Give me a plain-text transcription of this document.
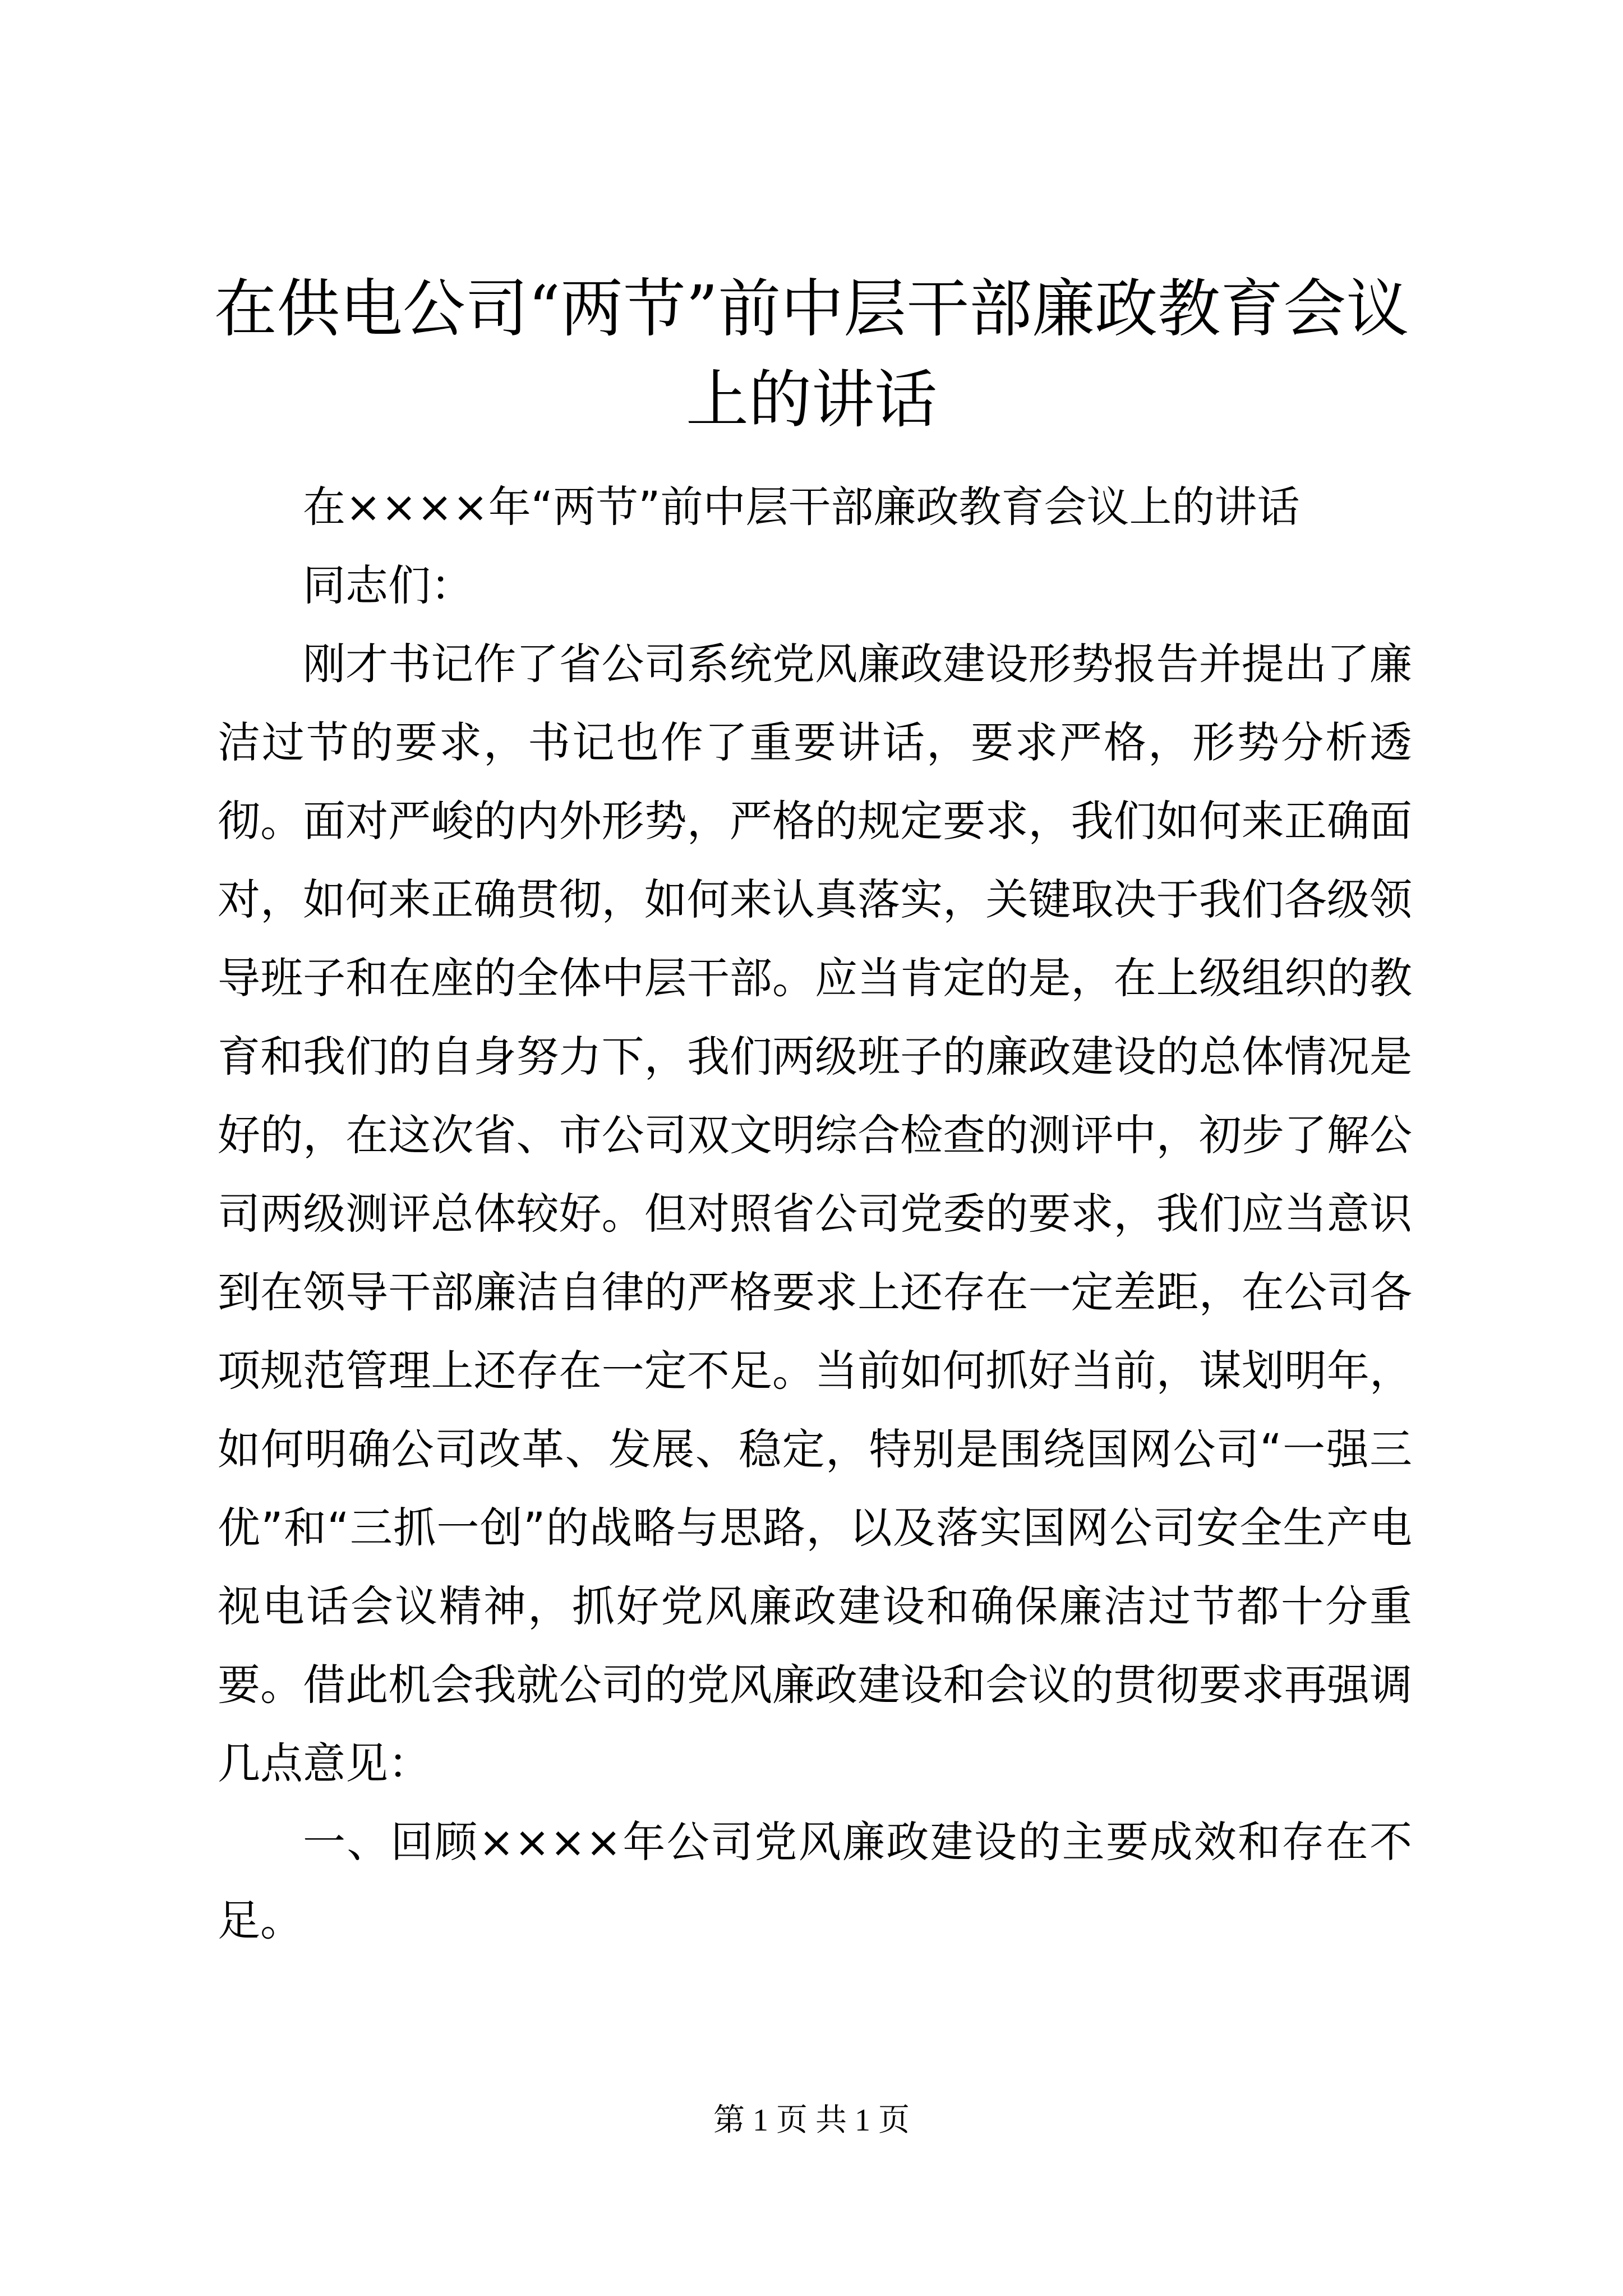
在供电公司“两节”前中层干部廉政教育会议上的讲话

在××××年“两节”前中层干部廉政教育会议上的讲话

同志们：

刚才书记作了省公司系统党风廉政建设形势报告并提出了廉洁过节的要求，书记也作了重要讲话，要求严格，形势分析透彻。面对严峻的内外形势，严格的规定要求，我们如何来正确面对，如何来正确贯彻，如何来认真落实，关键取决于我们各级领导班子和在座的全体中层干部。应当肯定的是，在上级组织的教育和我们的自身努力下，我们两级班子的廉政建设的总体情况是好的，在这次省、市公司双文明综合检查的测评中，初步了解公司两级测评总体较好。但对照省公司党委的要求，我们应当意识到在领导干部廉洁自律的严格要求上还存在一定差距，在公司各项规范管理上还存在一定不足。当前如何抓好当前，谋划明年，如何明确公司改革、发展、稳定，特别是围绕国网公司“一强三优”和“三抓一创”的战略与思路，以及落实国网公司安全生产电视电话会议精神，抓好党风廉政建设和确保廉洁过节都十分重要。借此机会我就公司的党风廉政建设和会议的贯彻要求再强调几点意见：

一、回顾××××年公司党风廉政建设的主要成效和存在不足。

第 1 页 共 1 页
